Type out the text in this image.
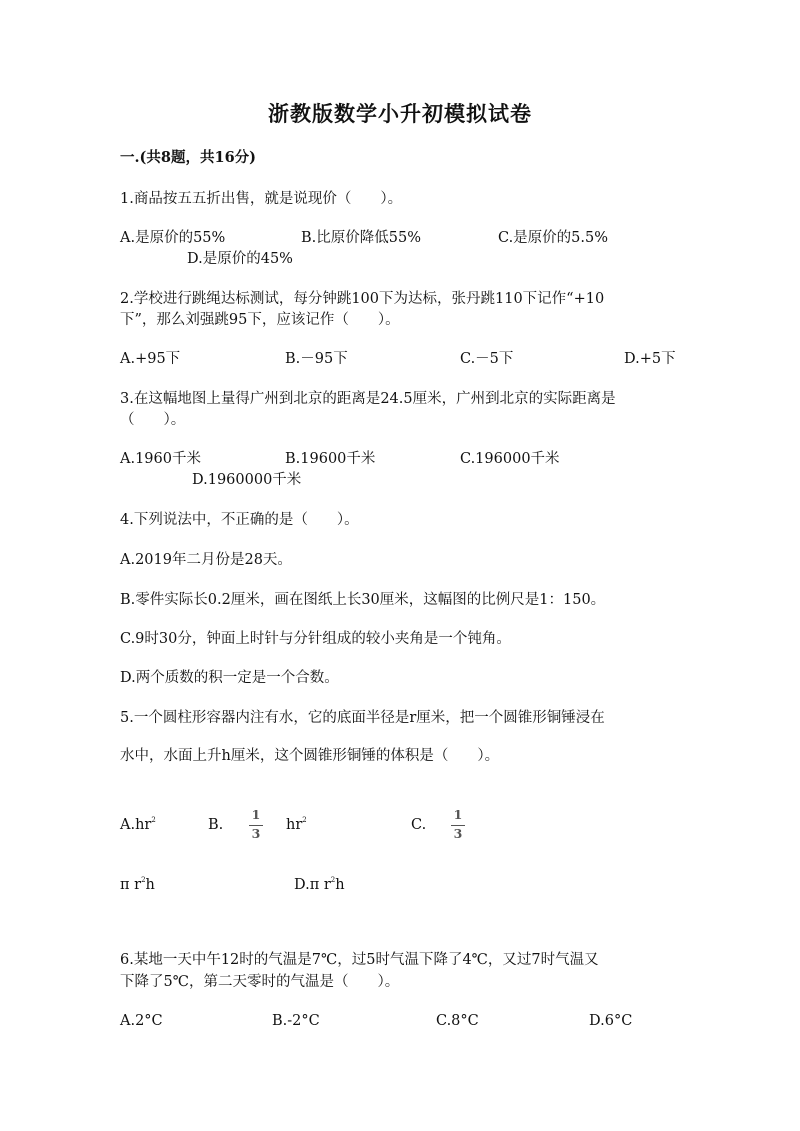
浙教版数学小升初模拟试卷
一.(共8题，共16分)
1.商品按五五折出售，就是说现价（　　）。
A.是原价的55%	B.比原价降低55%	C.是原价的5.5%
D.是原价的45%
2.学校进行跳绳达标测试，每分钟跳100下为达标，张丹跳110下记作“+10
下”，那么刘强跳95下，应该记作（　　）。
A.+95下	B.－95下	C.－5下	D.+5下
3.在这幅地图上量得广州到北京的距离是24.5厘米，广州到北京的实际距离是
（　　）。
A.1960千米	B.19600千米	C.196000千米
D.1960000千米
4.下列说法中，不正确的是（　　）。
A.2019年二月份是28天。
B.零件实际长0.2厘米，画在图纸上长30厘米，这幅图的比例尺是1：150。
C.9时30分，钟面上时针与分针组成的较小夹角是一个钝角。
D.两个质数的积一定是一个合数。
5.一个圆柱形容器内注有水，它的底面半径是r厘米，把一个圆锥形铜锤浸在
水中，水面上升h厘米，这个圆锥形铜锤的体积是（　　）。
$A.hr^2$	B.
1
3 $hr^2$	C.
1
3
π $r^2h$	D.π $r^2h$
6.某地一天中午12时的气温是7℃，过5时气温下降了4℃，又过7时气温又
下降了5℃，第二天零时的气温是（　　）。
A.2°C	B.-2°C	C.8°C	D.6°C
